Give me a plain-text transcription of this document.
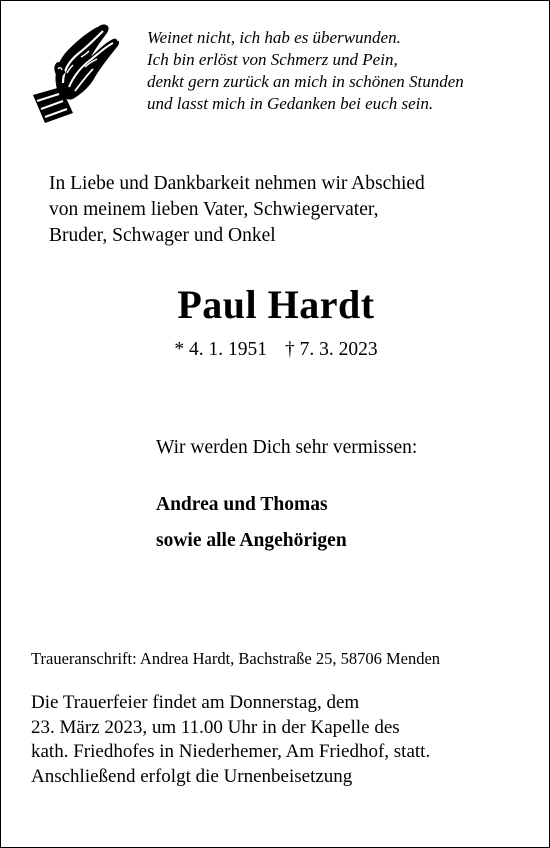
Weinet nicht, ich hab es überwunden.
Ich bin erlöst von Schmerz und Pein,
denkt gern zurück an mich in schönen Stunden
und lasst mich in Gedanken bei euch sein.
In Liebe und Dankbarkeit nehmen wir Abschied
von meinem lieben Vater, Schwiegervater,
Bruder, Schwager und Onkel
Paul Hardt
* 4. 1. 1951 † 7. 3. 2023
Wir werden Dich sehr vermissen:
Andrea und Thomas
sowie alle Angehörigen
Traueranschrift: Andrea Hardt, Bachstraße 25, 58706 Menden
Die Trauerfeier findet am Donnerstag, dem
23. März 2023, um 11.00 Uhr in der Kapelle des
kath. Friedhofes in Niederhemer, Am Friedhof, statt.
Anschließend erfolgt die Urnenbeisetzung
